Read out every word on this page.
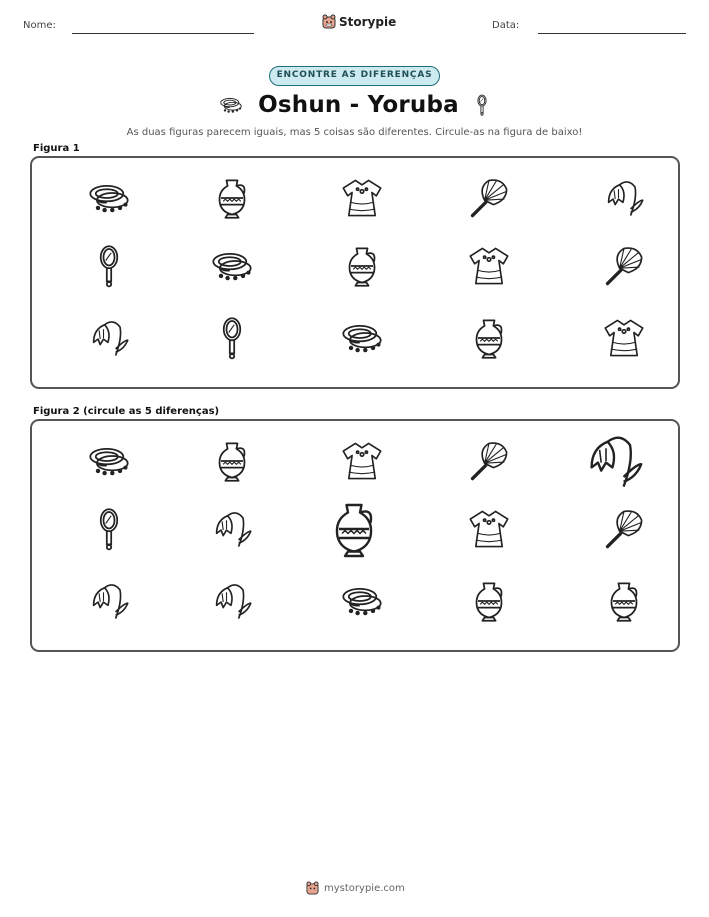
Nome:	Storypie	Data:
ENCONTRE AS DIFERENÇAS
Oshun - Yoruba
As duas figuras parecem iguais, mas 5 coisas são diferentes. Circule-as na figura de baixo!
Figura 1
Figura 2 (circule as 5 diferenças)
mystorypie.com
